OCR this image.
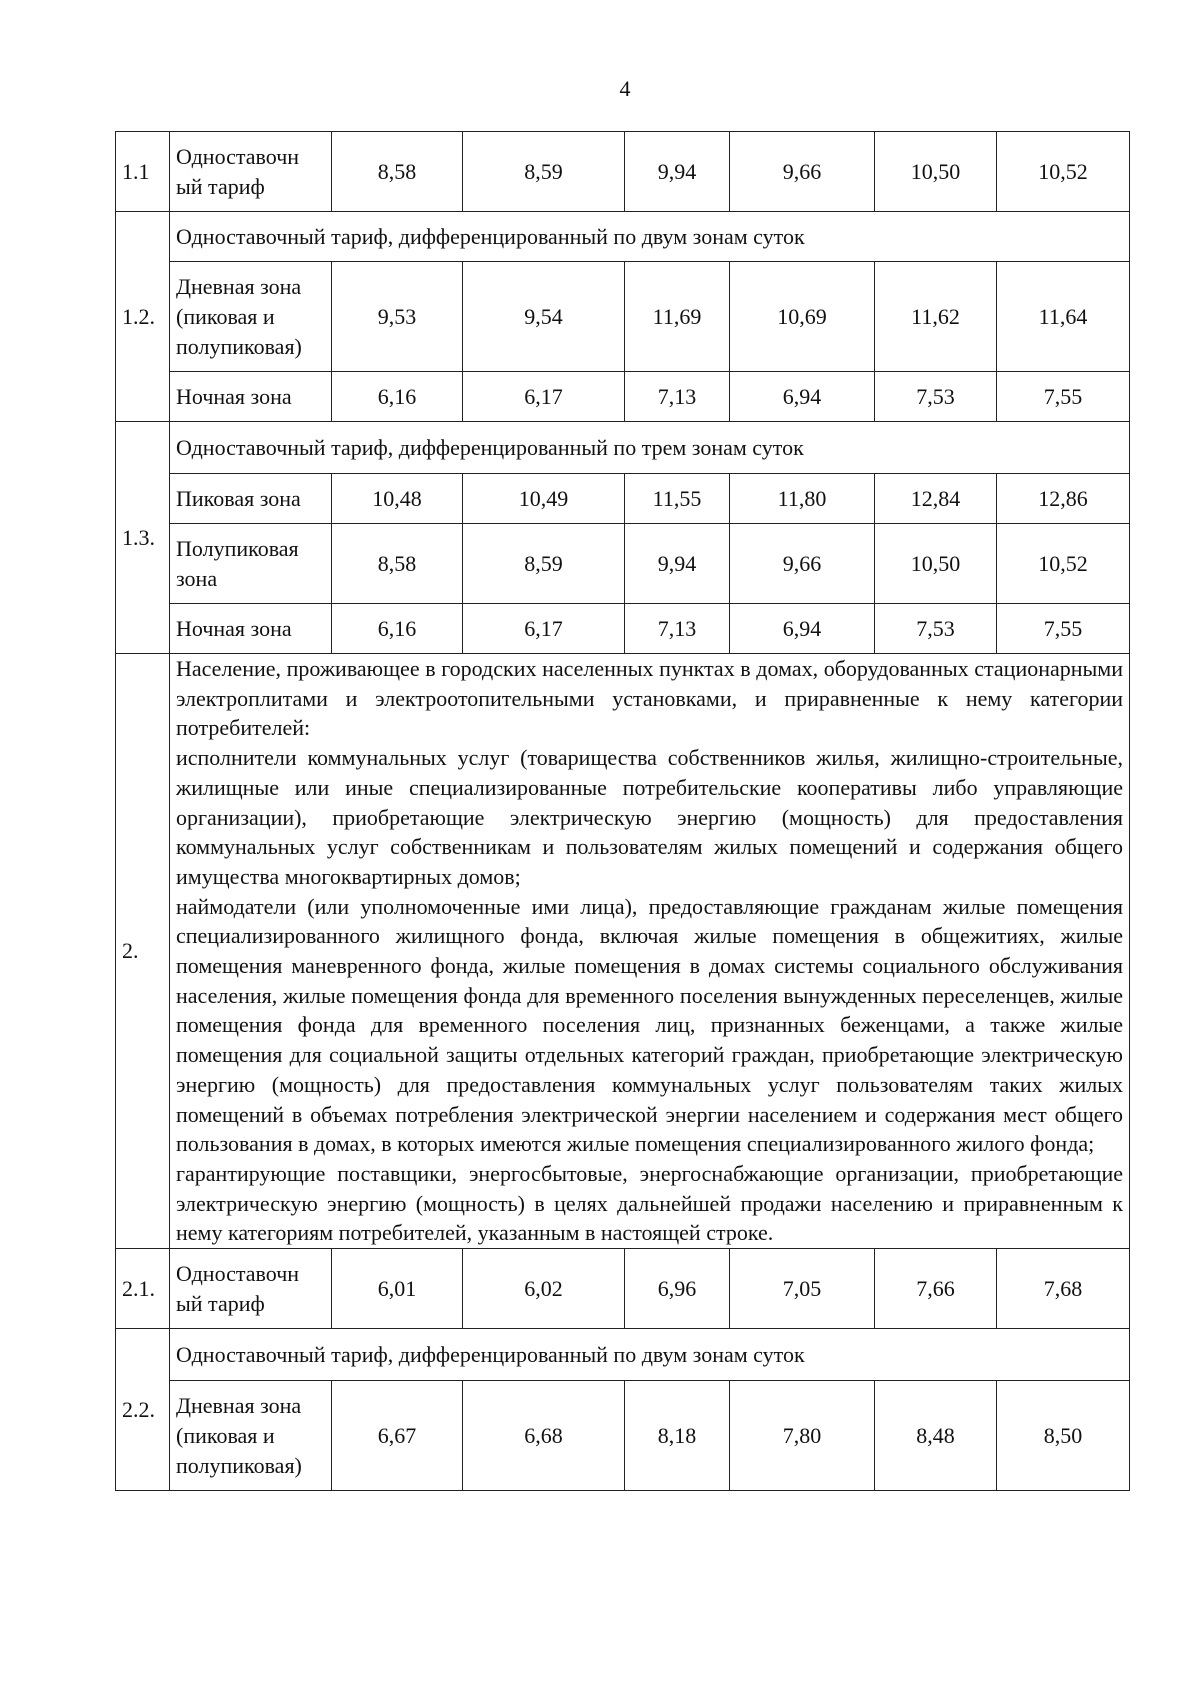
4
1.1	Одноставочн ый тариф	8,58	8,59	9,94	9,66	10,50	10,52
1.2.	Одноставочный тариф, дифференцированный по двум зонам суток						
	Дневная зона (пиковая и полупиковая)	9,53	9,54	11,69	10,69	11,62	11,64
	Ночная зона	6,16	6,17	7,13	6,94	7,53	7,55
1.3.	Одноставочный тариф, дифференцированный по трем зонам суток						
	Пиковая зона	10,48	10,49	11,55	11,80	12,84	12,86
	Полупиковая зона	8,58	8,59	9,94	9,66	10,50	10,52
	Ночная зона	6,16	6,17	7,13	6,94	7,53	7,55
2.	Население, проживающее в городских населенных пунктах в домах, оборудованных стационарными электроплитами и электроотопительными установками, и приравненные к нему категории потребителей:

исполнители коммунальных услуг (товарищества собственников жилья, жилищно-строительные, жилищные или иные специализированные потребительские кооперативы либо управляющие организации), приобретающие электрическую энергию (мощность) для предоставления коммунальных услуг собственникам и пользователям жилых помещений и содержания общего имущества многоквартирных домов;

наймодатели (или уполномоченные ими лица), предоставляющие гражданам жилые помещения специализированного жилищного фонда, включая жилые помещения в общежитиях, жилые помещения маневренного фонда, жилые помещения в домах системы социального обслуживания населения, жилые помещения фонда для временного поселения вынужденных переселенцев, жилые помещения фонда для временного поселения лиц, признанных беженцами, а также жилые помещения для социальной защиты отдельных категорий граждан, приобретающие электрическую энергию (мощность) для предоставления коммунальных услуг пользователям таких жилых помещений в объемах потребления электрической энергии населением и содержания мест общего пользования в домах, в которых имеются жилые помещения специализированного жилого фонда;

гарантирующие поставщики, энергосбытовые, энергоснабжающие организации, приобретающие электрическую энергию (мощность) в целях дальнейшей продажи населению и приравненным к нему категориям потребителей, указанным в настоящей строке.						

2.1.	Одноставочн ый тариф	6,01	6,02	6,96	7,05	7,66	7,68
2.2.	Одноставочный тариф, дифференцированный по двум зонам суток						
	Дневная зона (пиковая и полупиковая)	6,67	6,68	8,18	7,80	8,48	8,50
